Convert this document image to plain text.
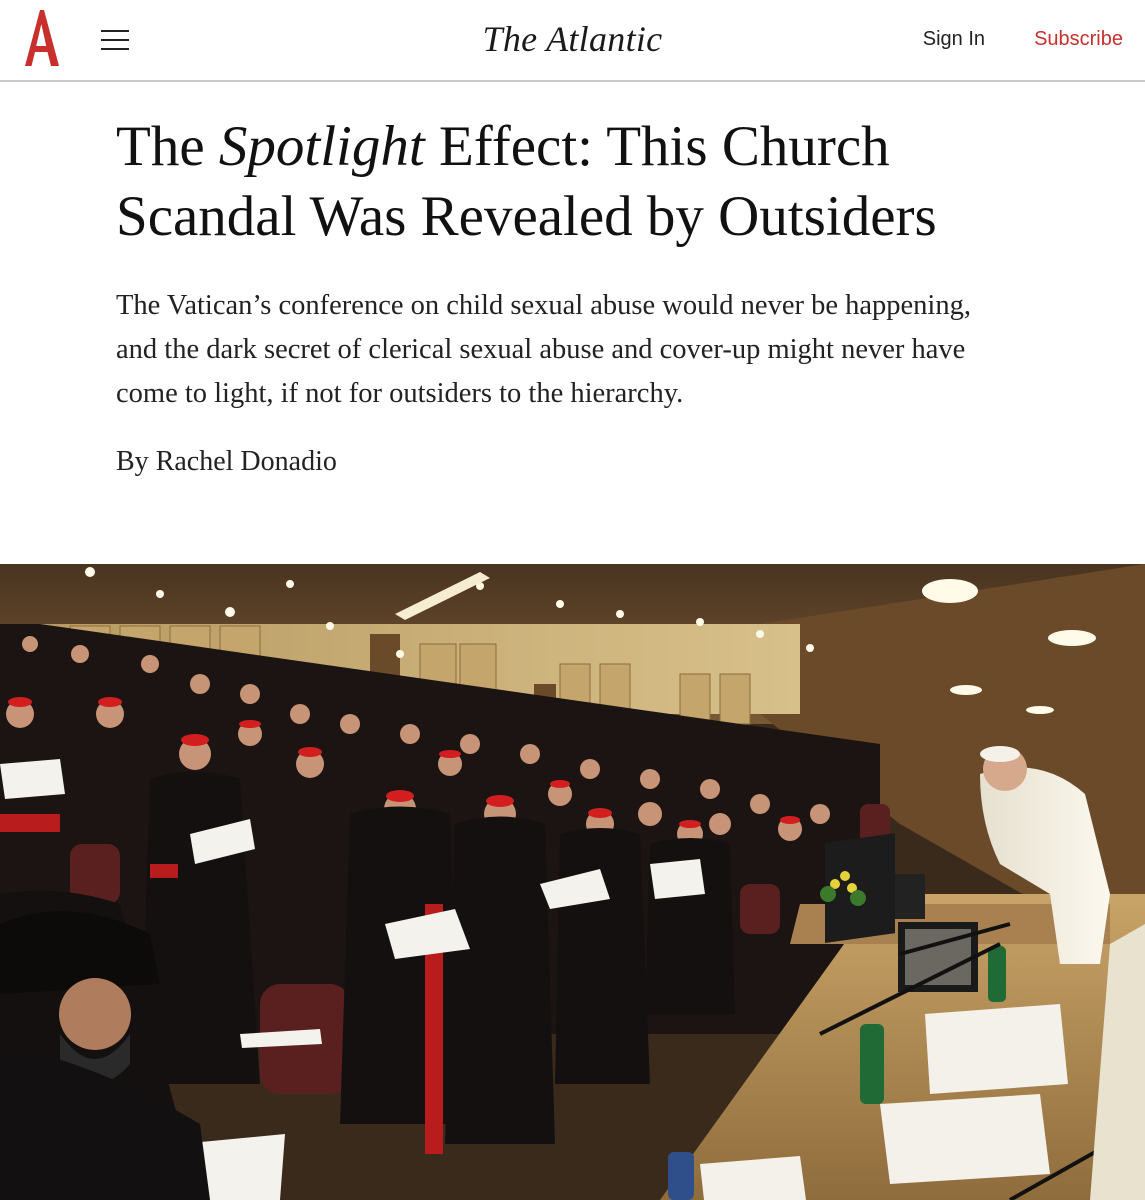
The Atlantic	Sign In Subscribe
The Spotlight Effect: This Church Scandal Was Revealed by Outsiders

The Vatican’s conference on child sexual abuse would never be happening, and the dark secret of clerical sexual abuse and cover-up might never have come to light, if not for outsiders to the hierarchy.

By Rachel Donadio
